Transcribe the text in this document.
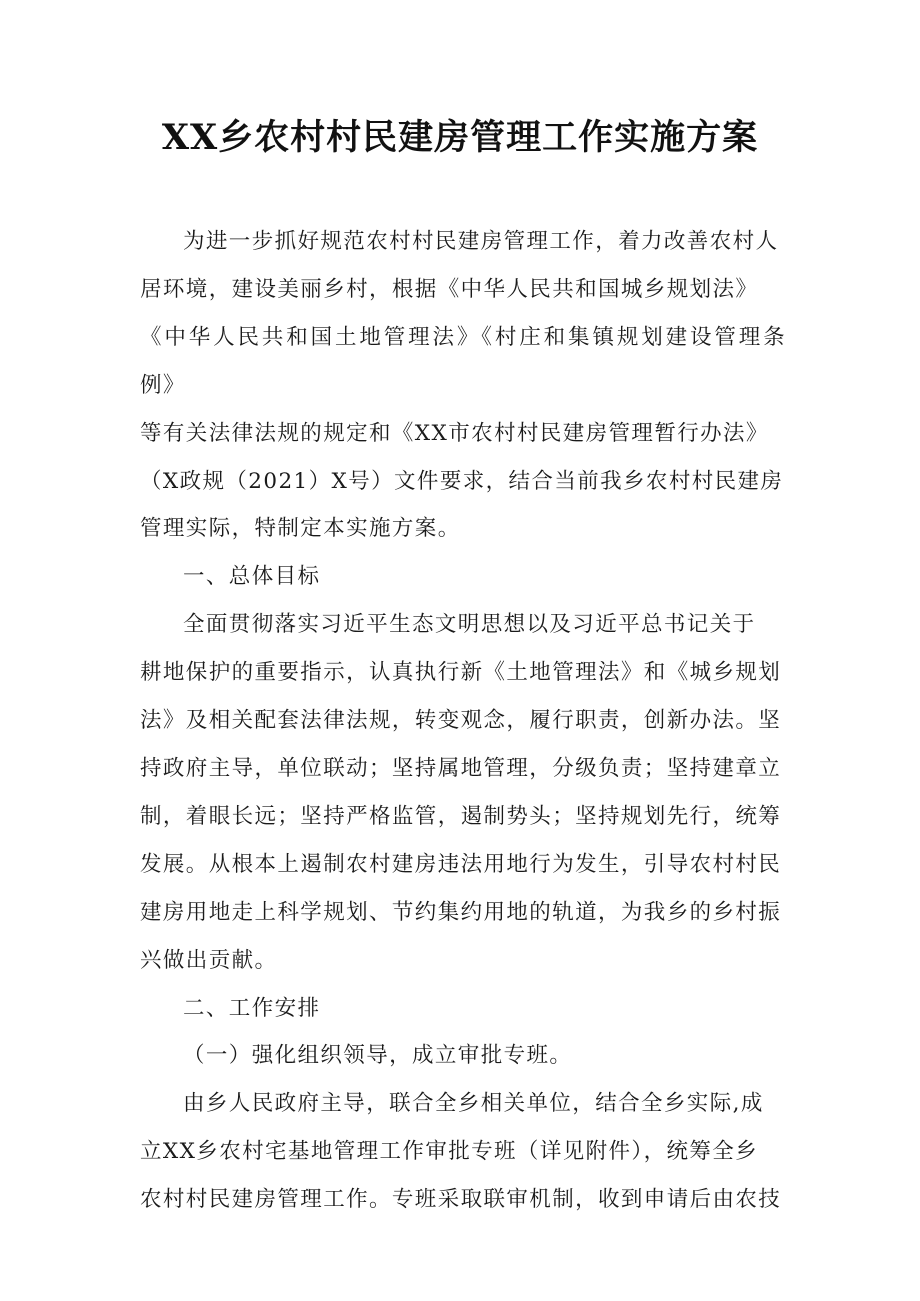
XX乡农村村民建房管理工作实施方案

为进一步抓好规范农村村民建房管理工作，着力改善农村人
居环境，建设美丽乡村，根据《中华人民共和国城乡规划法》
《中华人民共和国土地管理法》《村庄和集镇规划建设管理条例》
等有关法律法规的规定和《XX市农村村民建房管理暂行办法》
（X政规（2021）X号）文件要求，结合当前我乡农村村民建房
管理实际，特制定本实施方案。

一、总体目标

全面贯彻落实习近平生态文明思想以及习近平总书记关于
耕地保护的重要指示，认真执行新《土地管理法》和《城乡规划
法》及相关配套法律法规，转变观念，履行职责，创新办法。坚
持政府主导，单位联动；坚持属地管理，分级负责；坚持建章立
制，着眼长远；坚持严格监管，遏制势头；坚持规划先行，统筹
发展。从根本上遏制农村建房违法用地行为发生，引导农村村民
建房用地走上科学规划、节约集约用地的轨道，为我乡的乡村振
兴做出贡献。

二、工作安排

（一）强化组织领导，成立审批专班。

由乡人民政府主导，联合全乡相关单位，结合全乡实际,成
立XX乡农村宅基地管理工作审批专班（详见附件），统筹全乡
农村村民建房管理工作。专班采取联审机制，收到申请后由农技
